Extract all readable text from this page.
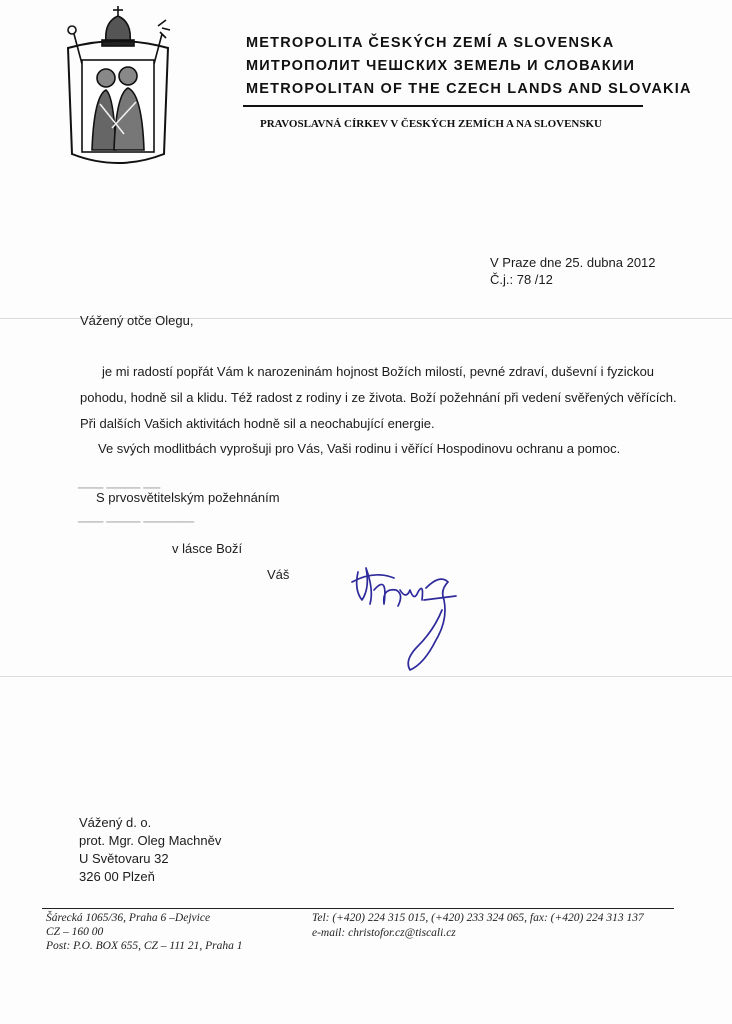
METROPOLITA ČESKÝCH ZEMÍ A SLOVENSKA
МИТРОПОЛИТ ЧЕШСКИХ ЗЕМЕЛЬ И СЛОВАКИИ
METROPOLITAN OF THE CZECH LANDS AND SLOVAKIA
PRAVOSLAVNÁ CÍRKEV V ČESKÝCH ZEMÍCH A NA SLOVENSKU
V Praze dne 25. dubna 2012
Č.j.: 78 /12
Vážený otče Olegu,
je mi radostí popřát Vám k narozeninám hojnost Božích milostí, pevné zdraví, duševní i fyzickou
pohodu, hodně sil a klidu. Též radost z rodiny i ze života. Boží požehnání při vedení svěřených věřících.
Při dalších Vašich aktivitách hodně sil a neochabující energie.
Ve svých modlitbách vyprošuji pro Vás, Vaši rodinu i věřící Hospodinovu ochranu a pomoc.
▁▁▁ ▁▁▁▁ ▁▁
▁▁▁ ▁▁▁▁ ▁▁▁▁▁▁
S prvosvětitelským požehnáním
v lásce Boží
Váš
Vážený d. o.
prot. Mgr. Oleg Machněv
U Světovaru 32
326 00 Plzeň
Šárecká 1065/36, Praha 6 –Dejvice
CZ – 160 00
Post: P.O. BOX 655, CZ – 111 21, Praha 1
Tel: (+420) 224 315 015, (+420) 233 324 065, fax: (+420) 224 313 137
e-mail: christofor.cz@tiscali.cz
